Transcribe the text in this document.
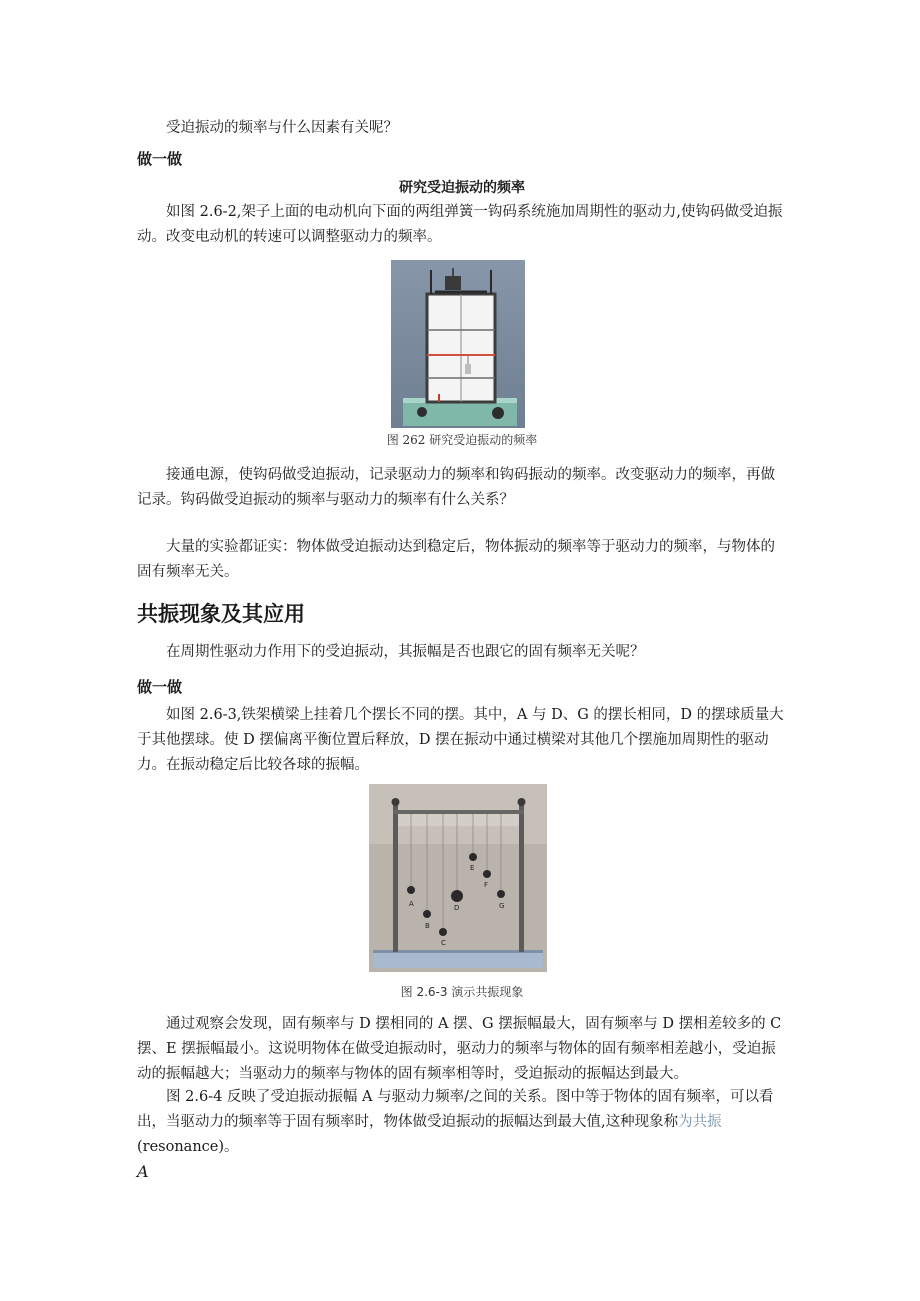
受迫振动的频率与什么因素有关呢？

做一做

研究受迫振动的频率

如图 2.6-2,架子上面的电动机向下面的两组弹簧一钩码系统施加周期性的驱动力,使钩码做受迫振动。改变电动机的转速可以调整驱动力的频率。

图 262 研究受迫振动的频率

接通电源，使钩码做受迫振动，记录驱动力的频率和钩码振动的频率。改变驱动力的频率，再做记录。钩码做受迫振动的频率与驱动力的频率有什么关系？

大量的实验都证实：物体做受迫振动达到稳定后，物体振动的频率等于驱动力的频率，与物体的固有频率无关。

共振现象及其应用

在周期性驱动力作用下的受迫振动，其振幅是否也跟它的固有频率无关呢？

做一做

如图 2.6-3,铁架横梁上挂着几个摆长不同的摆。其中，A 与 D、G 的摆长相同，D 的摆球质量大于其他摆球。使 D 摆偏离平衡位置后释放，D 摆在振动中通过横梁对其他几个摆施加周期性的驱动力。在振动稳定后比较各球的振幅。

A
B
C
D
E
F
G

图 2.6-3 演示共振现象

通过观察会发现，固有频率与 D 摆相同的 A 摆、G 摆振幅最大，固有频率与 D 摆相差较多的 C 摆、E 摆振幅最小。这说明物体在做受迫振动时，驱动力的频率与物体的固有频率相差越小，受迫振动的振幅越大；当驱动力的频率与物体的固有频率相等时，受迫振动的振幅达到最大。

图 2.6-4 反映了受迫振动振幅 A 与驱动力频率/之间的关系。图中等于物体的固有频率，可以看出，当驱动力的频率等于固有频率时，物体做受迫振动的振幅达到最大值,这种现象称为共振(resonance)。

A
